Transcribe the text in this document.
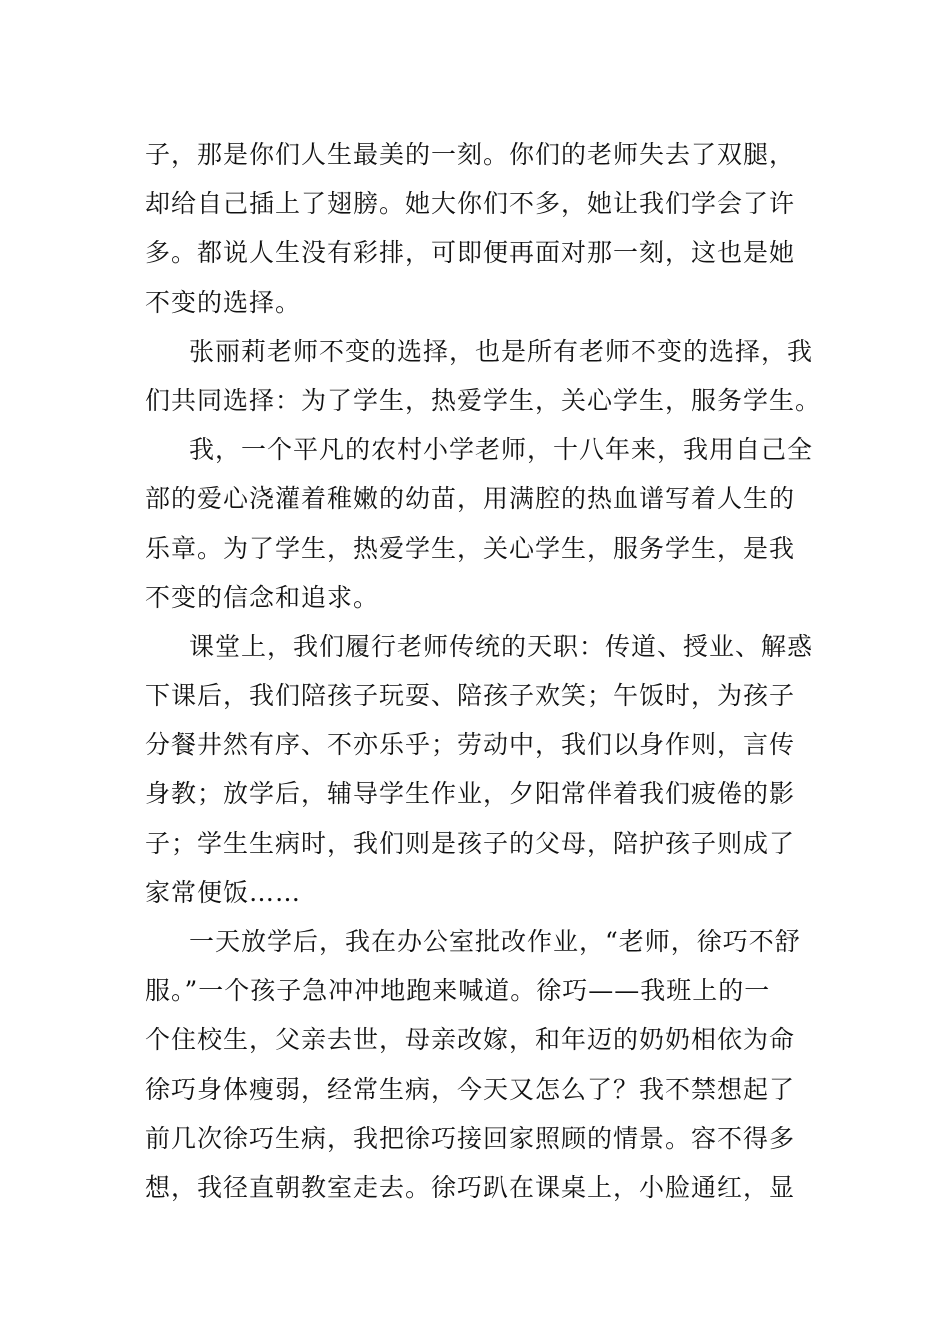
子，那是你们人生最美的一刻。你们的老师失去了双腿，
却给自己插上了翅膀。她大你们不多，她让我们学会了许
多。都说人生没有彩排，可即便再面对那一刻，这也是她
不变的选择。
张丽莉老师不变的选择，也是所有老师不变的选择，我
们共同选择：为了学生，热爱学生，关心学生，服务学生。
我，一个平凡的农村小学老师，十八年来，我用自己全
部的爱心浇灌着稚嫩的幼苗，用满腔的热血谱写着人生的
乐章。为了学生，热爱学生，关心学生，服务学生，是我
不变的信念和追求。
课堂上，我们履行老师传统的天职：传道、授业、解惑
下课后，我们陪孩子玩耍、陪孩子欢笑；午饭时，为孩子
分餐井然有序、不亦乐乎；劳动中，我们以身作则，言传
身教；放学后，辅导学生作业，夕阳常伴着我们疲倦的影
子；学生生病时，我们则是孩子的父母，陪护孩子则成了
家常便饭……
一天放学后，我在办公室批改作业，“老师，徐巧不舒
服。”一个孩子急冲冲地跑来喊道。徐巧——我班上的一
个住校生，父亲去世，母亲改嫁，和年迈的奶奶相依为命
徐巧身体瘦弱，经常生病，今天又怎么了？我不禁想起了
前几次徐巧生病，我把徐巧接回家照顾的情景。容不得多
想，我径直朝教室走去。徐巧趴在课桌上，小脸通红，显
